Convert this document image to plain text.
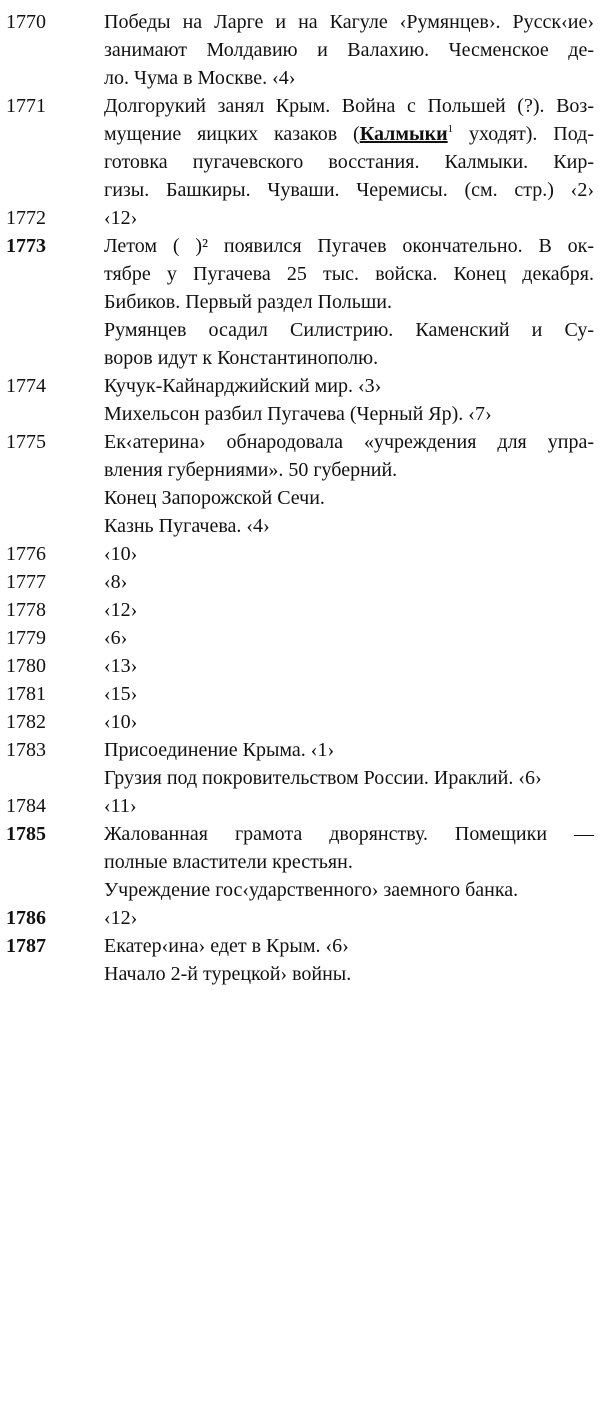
1770	Победы на Ларге и на Кагуле ‹Румянцев›. Русск‹ие›
занимают Молдавию и Валахию. Чесменское де-
ло. Чума в Москве. ‹4›
1771	Долгорукий занял Крым. Война с Польшей (?). Воз-
мущение яицких казаков (Калмыки$^1$ уходят). Под-
готовка пугачевского восстания. Калмыки. Кир-
гизы. Башкиры. Чуваши. Черемисы. (см. стр.) ‹2›
1772	‹12›
1773	Летом ( )² появился Пугачев окончательно. В ок-
тябре у Пугачева 25 тыс. войска. Конец декабря.
Бибиков. Первый раздел Польши.
Румянцев осадил Силистрию. Каменский и Су-
воров идут к Константинополю.
1774	Кучук-Кайнарджийский мир. ‹3›
Михельсон разбил Пугачева (Черный Яр). ‹7›
1775	Ек‹атерина› обнародовала «учреждения для упра-
вления губерниями». 50 губерний.
Конец Запорожской Сечи.
Казнь Пугачева. ‹4›
1776	‹10›
1777	‹8›
1778	‹12›
1779	‹6›
1780	‹13›
1781	‹15›
1782	‹10›
1783	Присоединение Крыма. ‹1›
Грузия под покровительством России. Ираклий. ‹6›
1784	‹11›
1785	Жалованная грамота дворянству. Помещики —
полные властители крестьян.
Учреждение гос‹ударственного› заемного банка.
1786	‹12›
1787	Екатер‹ина› едет в Крым. ‹6›
Начало 2-й турецкой› войны.
